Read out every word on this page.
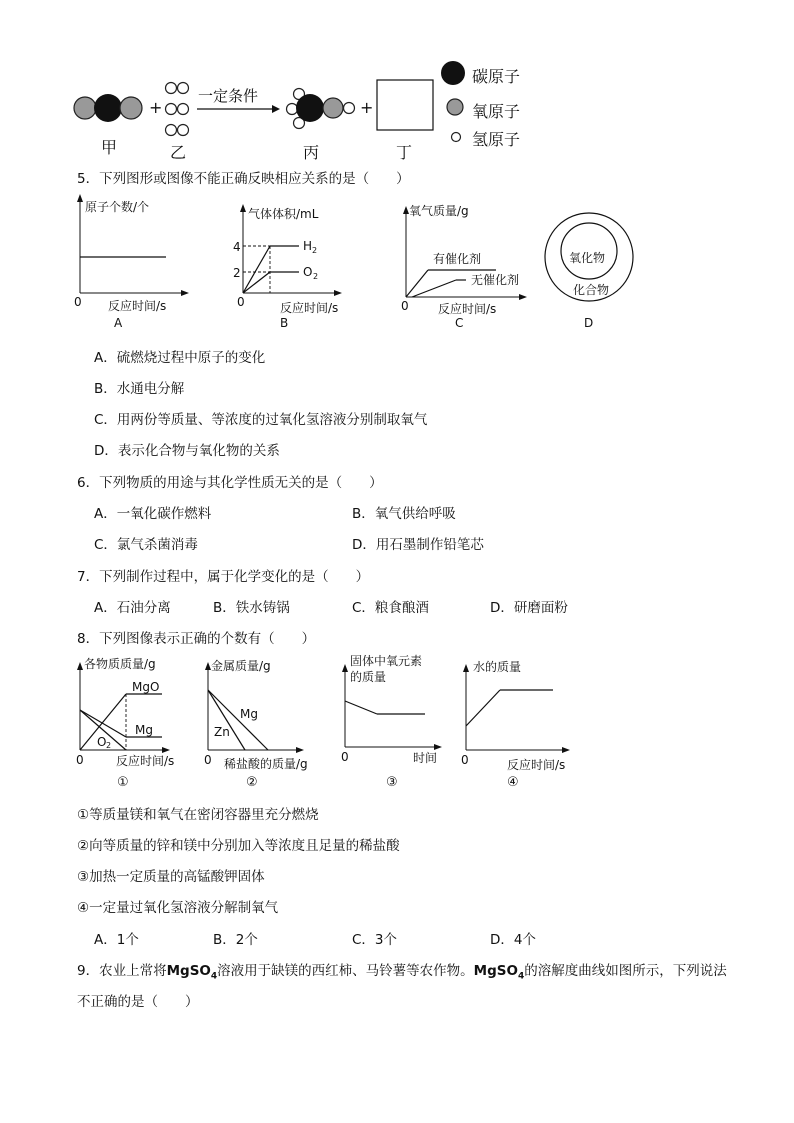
+
一定条件
+
甲	乙	丙	丁
碳原子
氧原子
氢原子
5．下列图形或图像不能正确反映相应关系的是（　　）
原子个数/个
0 反应时间/s
A
气体体积/mL
4
2
H 2
O 2
0	反应时间/s
B
氧气质量/g
有催化剂
无催化剂
0 反应时间/s
C
氧化物
化合物
D
A．硫燃烧过程中原子的变化
B．水通电分解
C．用两份等质量、等浓度的过氧化氢溶液分别制取氧气
D．表示化合物与氧化物的关系
6．下列物质的用途与其化学性质无关的是（　　）
A．一氧化碳作燃料	B．氧气供给呼吸
C．氯气杀菌消毒	D．用石墨制作铅笔芯
7．下列制作过程中，属于化学变化的是（　　）
A．石油分离	B．铁水铸锅	C．粮食酿酒	D．研磨面粉
8．下列图像表示正确的个数有（　　）
各物质质量/g
MgO
Mg
O 2
0	反应时间/s
①
金属质量/g
Mg
Zn
0 稀盐酸的质量/g
②
固体中氧元素
的质量
0	时间
③
水的质量
0	反应时间/s
④
①等质量镁和氧气在密闭容器里充分燃烧
②向等质量的锌和镁中分别加入等浓度且足量的稀盐酸
③加热一定质量的高锰酸钾固体
④一定量过氧化氢溶液分解制氧气
A．1个	B．2个	C．3个	D．4个
9．农业上常将MgSO$_4$溶液用于缺镁的西红柿、马铃薯等农作物。MgSO$_4$的溶解度曲线如图所示，下列说法
不正确的是（　　）
